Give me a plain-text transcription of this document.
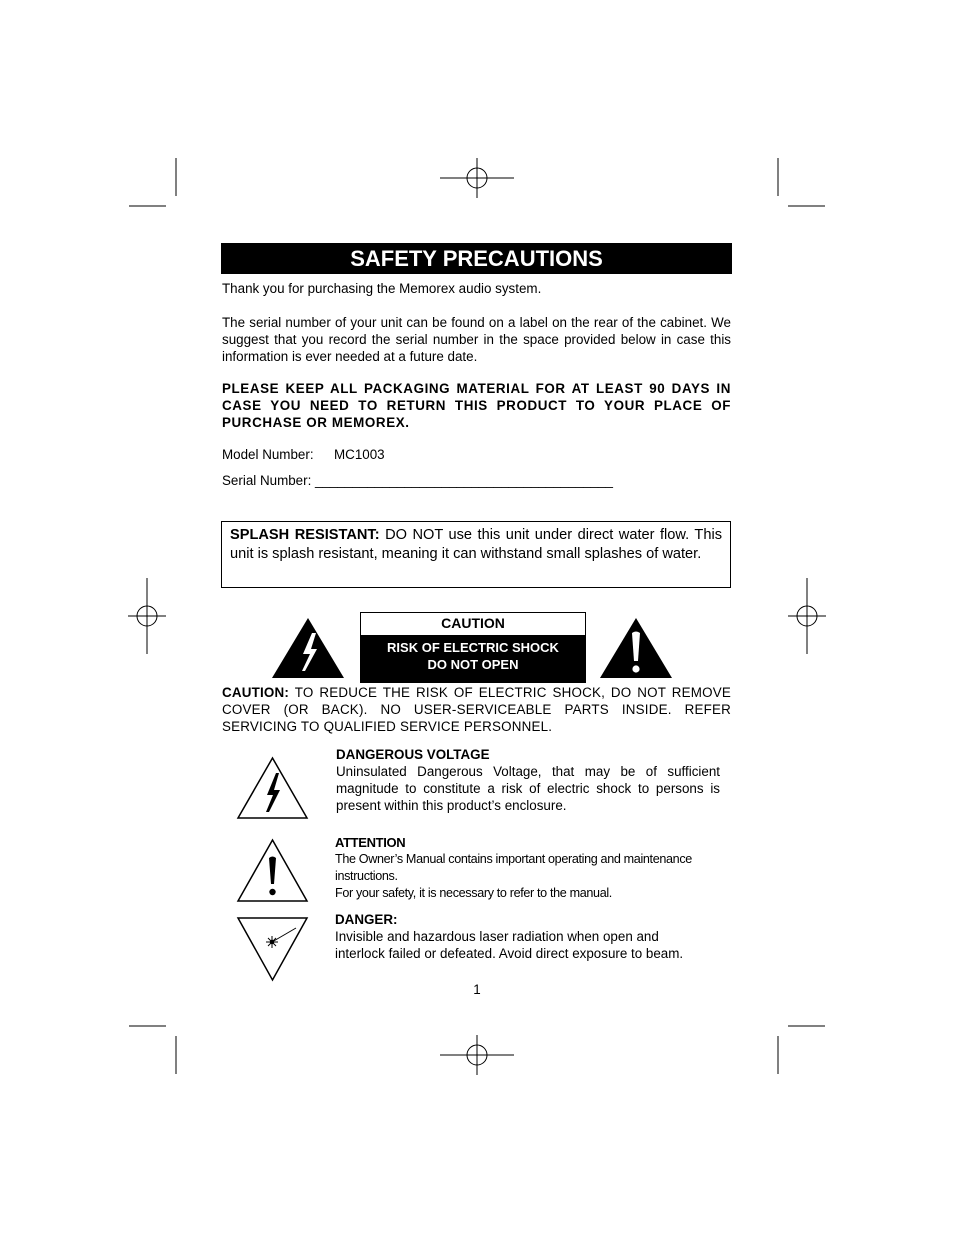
SAFETY PRECAUTIONS
Thank you for purchasing the Memorex audio system.
The serial number of your unit can be found on a label on the rear of the cabinet. We suggest that you record the serial number in the space provided below in case this information is ever needed at a future date.
PLEASE KEEP ALL PACKAGING MATERIAL FOR AT LEAST 90 DAYS IN CASE YOU NEED TO RETURN THIS PRODUCT TO YOUR PLACE OF PURCHASE OR MEMOREX.
Model Number: MC1003
Serial Number: ________________________________________
SPLASH RESISTANT: DO NOT use this unit under direct water flow. This unit is splash resistant, meaning it can withstand small splashes of water.
CAUTION
RISK OF ELECTRIC SHOCK
DO NOT OPEN
CAUTION: TO REDUCE THE RISK OF ELECTRIC SHOCK, DO NOT REMOVE COVER (OR BACK). NO USER-SERVICEABLE PARTS INSIDE. REFER SERVICING TO QUALIFIED SERVICE PERSONNEL.
DANGEROUS VOLTAGE
Uninsulated Dangerous Voltage, that may be of sufficient magnitude to constitute a risk of electric shock to persons is present within this product’s enclosure.
ATTENTION
The Owner’s Manual contains important operating and maintenance instructions.
For your safety, it is necessary to refer to the manual.
DANGER:
Invisible and hazardous laser radiation when open and
interlock failed or defeated. Avoid direct exposure to beam.
1
